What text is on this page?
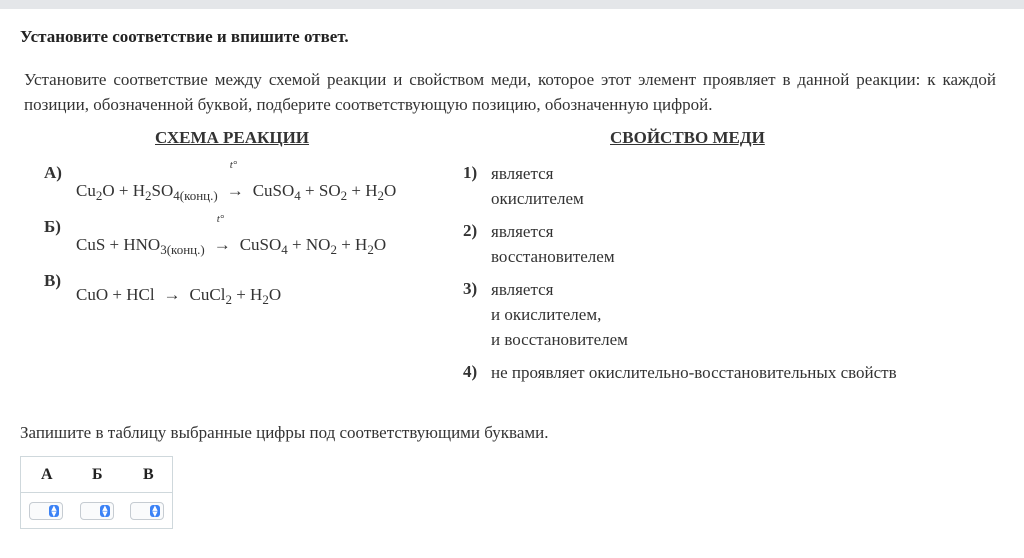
Установите соответствие и впишите ответ.
Установите соответствие между схемой реакции и свойством меди, которое этот элемент проявляет в данной реакции: к каждой позиции, обозначенной буквой, подберите соответствующую позицию, обозначенную цифрой.
СХЕМА РЕАКЦИИ	СВОЙСТВО МЕДИ
А)
$Cu_2O + H_2SO_{4(конц.)}$
t°
→ CuSO$_4$ + $SO_2 + H_2O$
Б)
CuS + $HNO_{3(конц.)}$
t°
→ CuSO$_4$ + $NO_2 + H_2O$
В)
CuO + HCl → CuCl$_2$ + $H_2O$
1) является
окислителем
2) является
восстановителем
3) является
и окислителем,
и восстановителем
4) не проявляет окислительно-восстановительных свойств
Запишите в таблицу выбранные цифры под соответствующими буквами.
А Б	В
▲
▼
▲
▼
▲
▼
